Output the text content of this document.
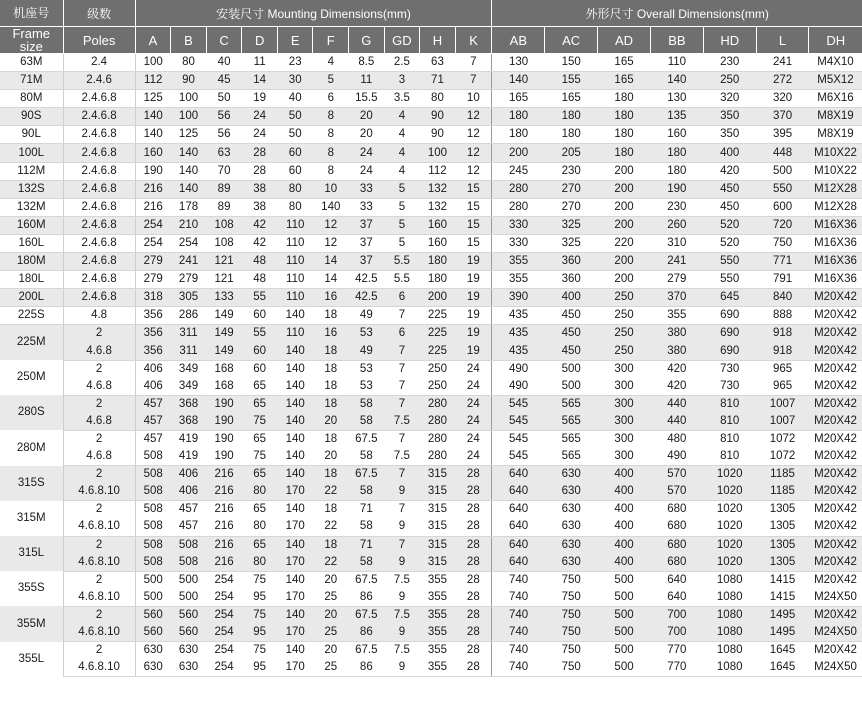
机座号	级数	安装尺寸 Mounting Dimensions(mm)										外形尺寸 Overall Dimensions(mm)						
Frame size	Poles	A	B	C	D	E	F	G	GD	H	K	AB	AC	AD	BB	HD	L	DH
63M	2.4	100	80	40	11	23	4	8.5	2.5	63	7	130	150	165	110	230	241	M4X10
71M	2.4.6	112	90	45	14	30	5	11	3	71	7	140	155	165	140	250	272	M5X12
80M	2.4.6.8	125	100	50	19	40	6	15.5	3.5	80	10	165	165	180	130	320	320	M6X16
90S	2.4.6.8	140	100	56	24	50	8	20	4	90	12	180	180	180	135	350	370	M8X19
90L	2.4.6.8	140	125	56	24	50	8	20	4	90	12	180	180	180	160	350	395	M8X19
100L	2.4.6.8	160	140	63	28	60	8	24	4	100	12	200	205	180	180	400	448	M10X22
112M	2.4.6.8	190	140	70	28	60	8	24	4	112	12	245	230	200	180	420	500	M10X22
132S	2.4.6.8	216	140	89	38	80	10	33	5	132	15	280	270	200	190	450	550	M12X28
132M	2.4.6.8	216	178	89	38	80	140	33	5	132	15	280	270	200	230	450	600	M12X28
160M	2.4.6.8	254	210	108	42	110	12	37	5	160	15	330	325	200	260	520	720	M16X36
160L	2.4.6.8	254	254	108	42	110	12	37	5	160	15	330	325	220	310	520	750	M16X36
180M	2.4.6.8	279	241	121	48	110	14	37	5.5	180	19	355	360	200	241	550	771	M16X36
180L	2.4.6.8	279	279	121	48	110	14	42.5	5.5	180	19	355	360	200	279	550	791	M16X36
200L	2.4.6.8	318	305	133	55	110	16	42.5	6	200	19	390	400	250	370	645	840	M20X42
225S	4.8	356	286	149	60	140	18	49	7	225	19	435	450	250	355	690	888	M20X42
225M	2	356	311	149	55	110	16	53	6	225	19	435	450	250	380	690	918	M20X42
	4.6.8	356	311	149	60	140	18	49	7	225	19	435	450	250	380	690	918	M20X42
250M	2	406	349	168	60	140	18	53	7	250	24	490	500	300	420	730	965	M20X42
	4.6.8	406	349	168	65	140	18	53	7	250	24	490	500	300	420	730	965	M20X42
280S	2	457	368	190	65	140	18	58	7	280	24	545	565	300	440	810	1007	M20X42
	4.6.8	457	368	190	75	140	20	58	7.5	280	24	545	565	300	440	810	1007	M20X42
280M	2	457	419	190	65	140	18	67.5	7	280	24	545	565	300	480	810	1072	M20X42
	4.6.8	508	419	190	75	140	20	58	7.5	280	24	545	565	300	490	810	1072	M20X42
315S	2	508	406	216	65	140	18	67.5	7	315	28	640	630	400	570	1020	1185	M20X42
	4.6.8.10	508	406	216	80	170	22	58	9	315	28	640	630	400	570	1020	1185	M20X42
315M	2	508	457	216	65	140	18	71	7	315	28	640	630	400	680	1020	1305	M20X42
	4.6.8.10	508	457	216	80	170	22	58	9	315	28	640	630	400	680	1020	1305	M20X42
315L	2	508	508	216	65	140	18	71	7	315	28	640	630	400	680	1020	1305	M20X42
	4.6.8.10	508	508	216	80	170	22	58	9	315	28	640	630	400	680	1020	1305	M20X42
355S	2	500	500	254	75	140	20	67.5	7.5	355	28	740	750	500	640	1080	1415	M20X42
	4.6.8.10	500	500	254	95	170	25	86	9	355	28	740	750	500	640	1080	1415	M24X50
355M	2	560	560	254	75	140	20	67.5	7.5	355	28	740	750	500	700	1080	1495	M20X42
	4.6.8.10	560	560	254	95	170	25	86	9	355	28	740	750	500	700	1080	1495	M24X50
355L	2	630	630	254	75	140	20	67.5	7.5	355	28	740	750	500	770	1080	1645	M20X42
	4.6.8.10	630	630	254	95	170	25	86	9	355	28	740	750	500	770	1080	1645	M24X50
